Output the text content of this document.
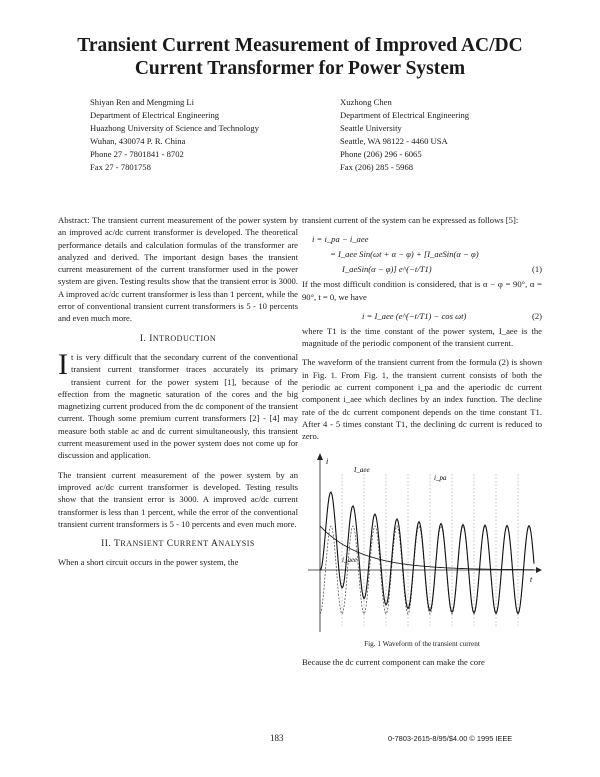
Transient Current Measurement of Improved AC/DC
Current Transformer for Power System
Shiyan Ren and Mengming Li
Department of Electrical Engineering
Huazhong University of Science and Technology
Wuhan, 430074 P. R. China
Phone 27 - 7801841 - 8702
Fax 27 - 7801758
Xuzhong Chen
Department of Electrical Engineering
Seattle University
Seattle, WA 98122 - 4460 USA
Phone (206) 296 - 6065
Fax (206) 285 - 5968

Abstract: The transient current measurement of the power system by an improved ac/dc current transformer is developed. The theoretical performance details and calculation formulas of the transformer are analyzed and derived. The important design bases the transient current measurement of the current transformer used in the power system are given. Testing results show that the transient error is 3000. A improved ac/dc current transformer is less than 1 percent, while the error of conventional transient current transformers is 5 - 10 percents and even much more.

I. INTRODUCTION

It is very difficult that the secondary current of the conventional transient current transformer traces accurately its primary transient current for the power system [1], because of the effection from the magnetic saturation of the cores and the big magnetizing current produced from the dc component of the transient current. Though some premium current transformers [2] - [4] may measure both stable ac and dc current simultaneously, this transient current measurement used in the power system does not come up for discussion and application.

The transient current measurement of the power system by an improved ac/dc current transformer is developed. Testing results show that the transient error is 3000. A improved ac/dc current transformer is less than 1 percent, while the error of the conventional transient current transformers is 5 - 10 percents and even much more.

II. TRANSIENT CURRENT ANALYSIS

When a short circuit occurs in the power system, the

transient current of the system can be expressed as follows [5]:

i = i_pa − i_aee
= I_aee Sin(ωt + α − φ) + [I_aeSin(α − φ)
I_aeSin(α − φ)] e^(−t/T1)	(1)

If the most difficult condition is considered, that is α − φ = 90°, α = 90°, t = 0, we have

i = I_aee (e^(−t/T1) − cos ωt)	(2)

where T1 is the time constant of the power system, I_aee is the magnitude of the periodic component of the transient current.

The waveform of the transient current from the formula (2) is shown in Fig. 1. From Fig. 1, the transient current consists of both the periodic ac current component i_pa and the aperiodic dc current component i_aee which declines by an index function. The decline rate of the dc current component depends on the time constant T1. After 4 - 5 times constant T1, the declining dc current is reduced to zero.

i
I_aee
i_pa
t
i_aee
Fig. 1 Waveform of the transient current

Because the dc current component can make the core

183	0-7803-2615-8/95/$4.00 © 1995 IEEE
